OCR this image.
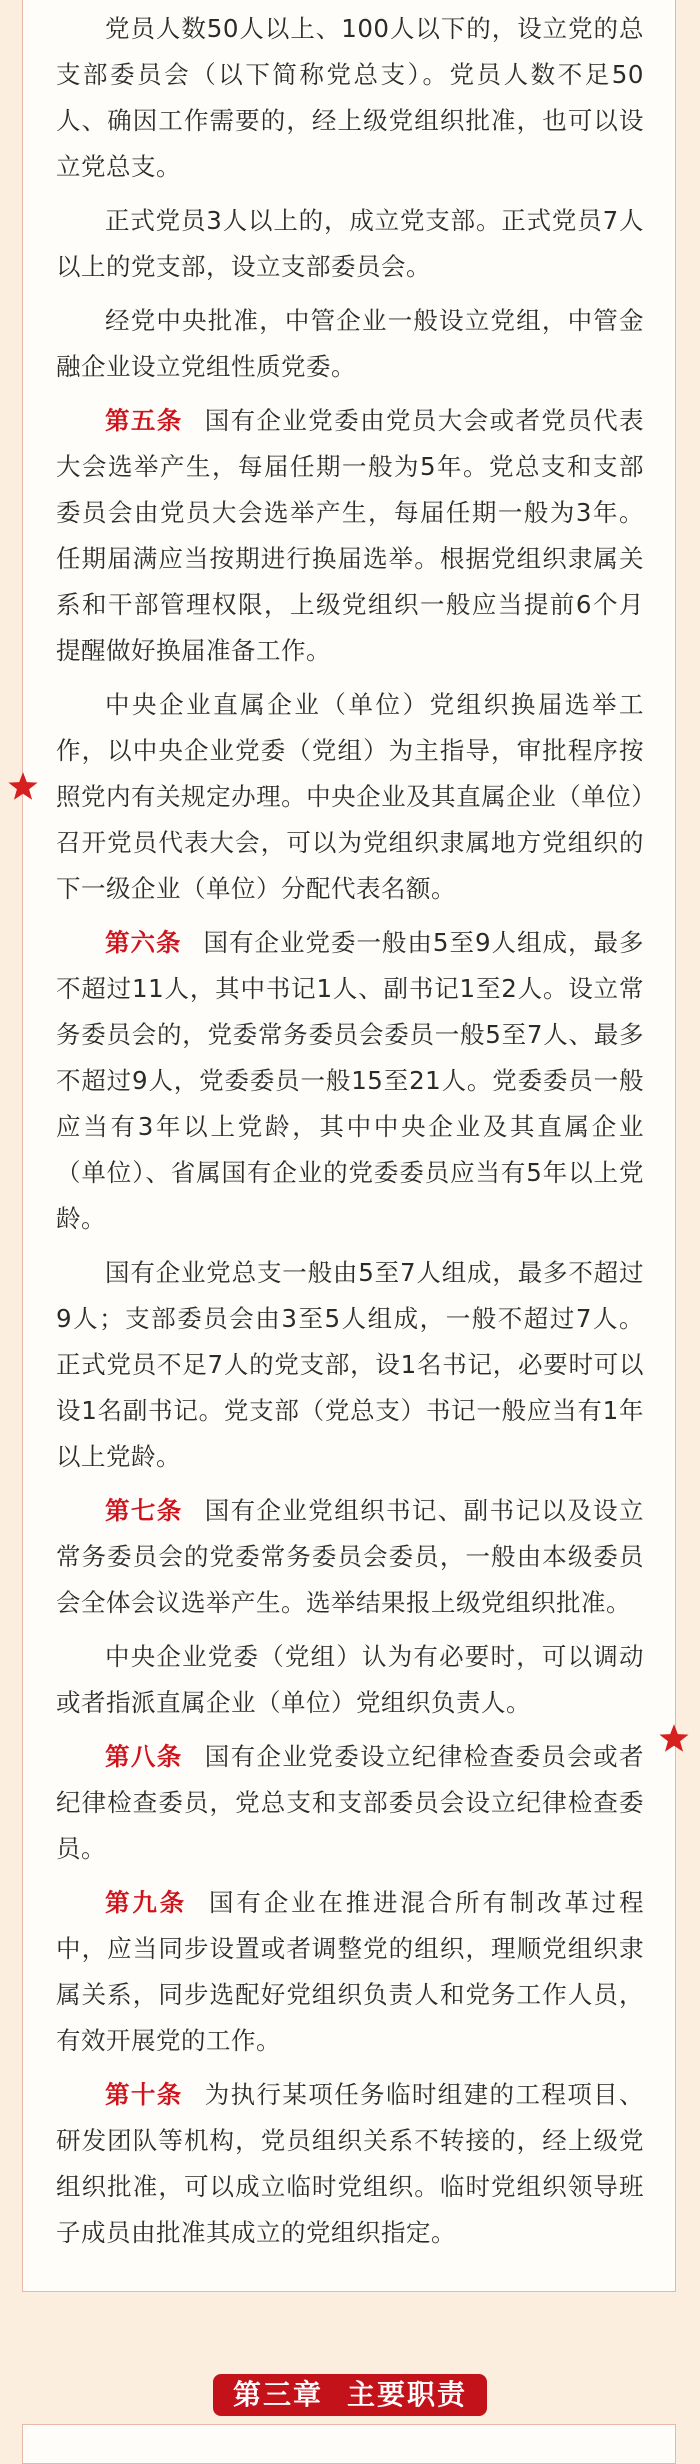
党员人数50人以上、100人以下的，设立党的总支部委员会（以下简称党总支）。党员人数不足50人、确因工作需要的，经上级党组织批准，也可以设立党总支。

正式党员3人以上的，成立党支部。正式党员7人以上的党支部，设立支部委员会。

经党中央批准，中管企业一般设立党组，中管金融企业设立党组性质党委。

第五条 国有企业党委由党员大会或者党员代表大会选举产生，每届任期一般为5年。党总支和支部委员会由党员大会选举产生，每届任期一般为3年。任期届满应当按期进行换届选举。根据党组织隶属关系和干部管理权限，上级党组织一般应当提前6个月提醒做好换届准备工作。

中央企业直属企业（单位）党组织换届选举工作，以中央企业党委（党组）为主指导，审批程序按照党内有关规定办理。中央企业及其直属企业（单位）召开党员代表大会，可以为党组织隶属地方党组织的下一级企业（单位）分配代表名额。

第六条 国有企业党委一般由5至9人组成，最多不超过11人，其中书记1人、副书记1至2人。设立常务委员会的，党委常务委员会委员一般5至7人、最多不超过9人，党委委员一般15至21人。党委委员一般应当有3年以上党龄，其中中央企业及其直属企业（单位）、省属国有企业的党委委员应当有5年以上党龄。

国有企业党总支一般由5至7人组成，最多不超过9人；支部委员会由3至5人组成，一般不超过7人。正式党员不足7人的党支部，设1名书记，必要时可以设1名副书记。党支部（党总支）书记一般应当有1年以上党龄。

第七条 国有企业党组织书记、副书记以及设立常务委员会的党委常务委员会委员，一般由本级委员会全体会议选举产生。选举结果报上级党组织批准。

中央企业党委（党组）认为有必要时，可以调动或者指派直属企业（单位）党组织负责人。

第八条 国有企业党委设立纪律检查委员会或者纪律检查委员，党总支和支部委员会设立纪律检查委员。

第九条 国有企业在推进混合所有制改革过程中，应当同步设置或者调整党的组织，理顺党组织隶属关系，同步选配好党组织负责人和党务工作人员，有效开展党的工作。

第十条 为执行某项任务临时组建的工程项目、研发团队等机构，党员组织关系不转接的，经上级党组织批准，可以成立临时党组织。临时党组织领导班子成员由批准其成立的党组织指定。

第三章 主要职责
